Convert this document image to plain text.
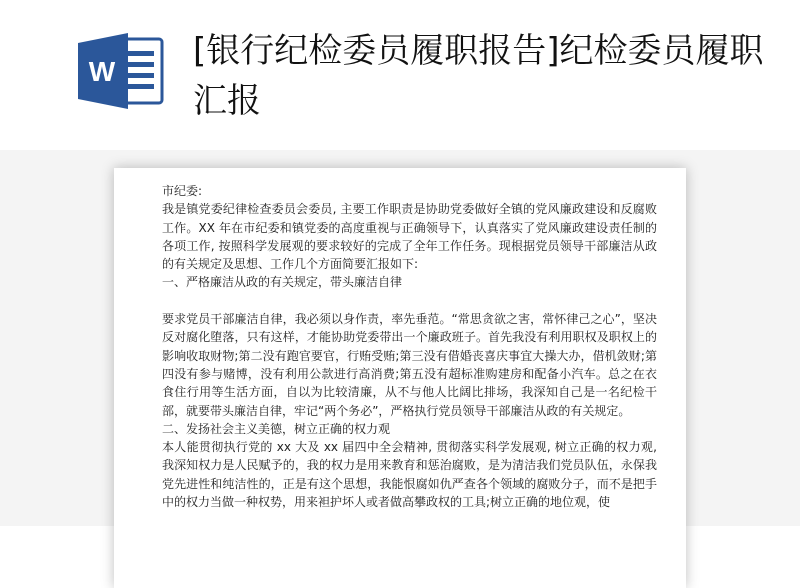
W
[银行纪检委员履职报告]纪检委员履职汇报

市纪委:

我是镇党委纪律检查委员会委员, 主要工作职责是协助党委做好全镇的党风廉政建设和反腐败工作。XX 年在市纪委和镇党委的高度重视与正确领导下，认真落实了党风廉政建设责任制的各项工作, 按照科学发展观的要求较好的完成了全年工作任务。现根据党员领导干部廉洁从政的有关规定及思想、工作几个方面简要汇报如下:

一、严格廉洁从政的有关规定，带头廉洁自律

要求党员干部廉洁自律，我必须以身作责，率先垂范。“常思贪欲之害，常怀律己之心”，坚决反对腐化堕落，只有这样，才能协助党委带出一个廉政班子。首先我没有利用职权及职权上的影响收取财物;第二没有跑官要官，行贿受贿;第三没有借婚丧喜庆事宜大操大办，借机敛财;第四没有参与赌博，没有利用公款进行高消费;第五没有超标准购建房和配备小汽车。总之在衣食住行用等生活方面，自以为比较清廉，从不与他人比阔比排场，我深知自己是一名纪检干部，就要带头廉洁自律，牢记“两个务必”，严格执行党员领导干部廉洁从政的有关规定。

二、发扬社会主义美德，树立正确的权力观

本人能贯彻执行党的 xx 大及 xx 届四中全会精神, 贯彻落实科学发展观, 树立正确的权力观, 我深知权力是人民赋予的，我的权力是用来教育和惩治腐败，是为清洁我们党员队伍，永保我党先进性和纯洁性的，正是有这个思想，我能恨腐如仇严查各个领域的腐败分子，而不是把手中的权力当做一种权势，用来袒护坏人或者做高攀政权的工具;树立正确的地位观，使
